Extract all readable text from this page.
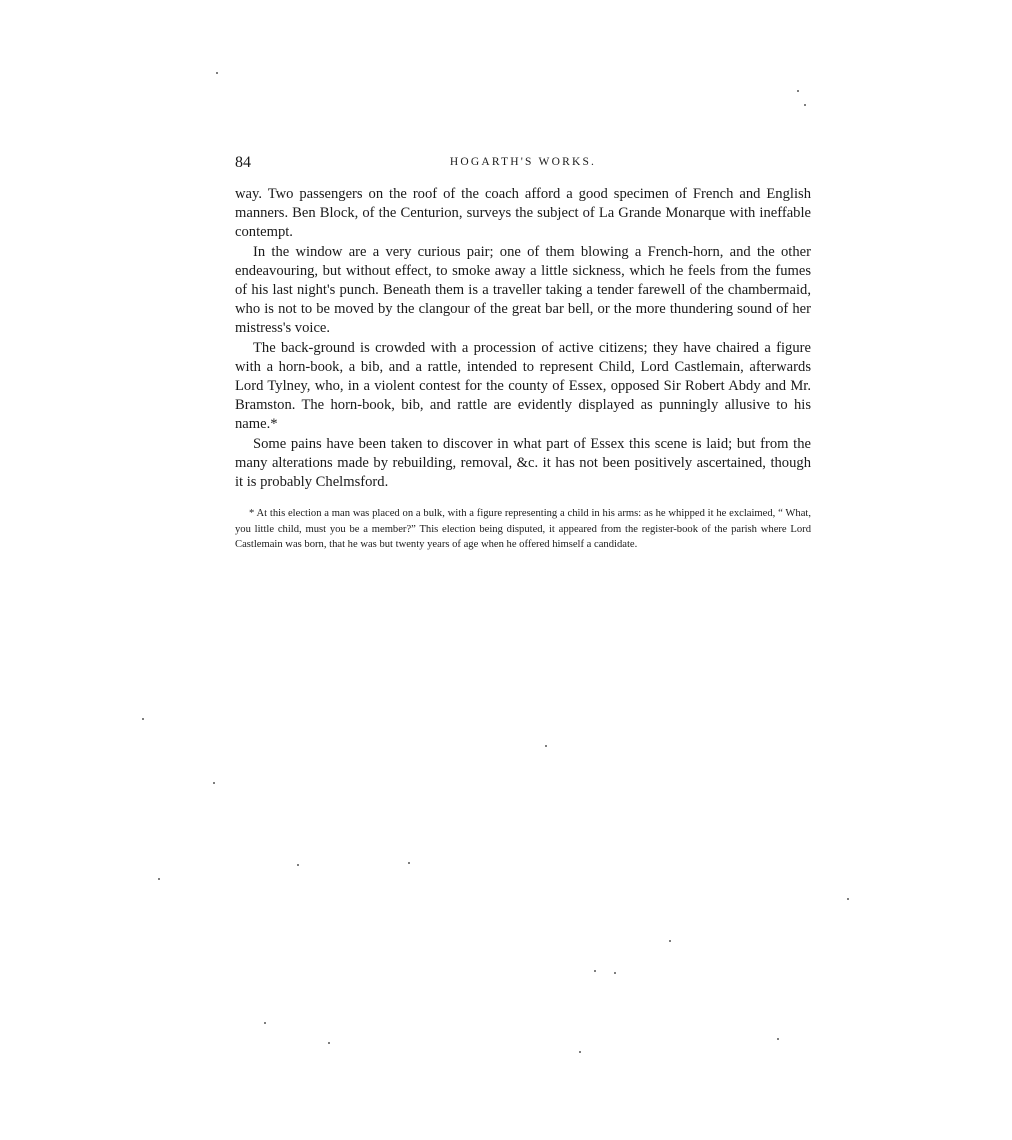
84	HOGARTH'S WORKS.

way. Two passengers on the roof of the coach afford a good specimen of French and English manners. Ben Block, of the Centurion, surveys the subject of La Grande Monarque with ineffable contempt.

In the window are a very curious pair; one of them blowing a French-horn, and the other endeavouring, but without effect, to smoke away a little sickness, which he feels from the fumes of his last night's punch. Beneath them is a traveller taking a tender farewell of the chambermaid, who is not to be moved by the clangour of the great bar bell, or the more thundering sound of her mistress's voice.

The back-ground is crowded with a procession of active citizens; they have chaired a figure with a horn-book, a bib, and a rattle, intended to represent Child, Lord Castlemain, afterwards Lord Tylney, who, in a violent contest for the county of Essex, opposed Sir Robert Abdy and Mr. Bramston. The horn-book, bib, and rattle are evidently displayed as punningly allusive to his name.*

Some pains have been taken to discover in what part of Essex this scene is laid; but from the many alterations made by rebuilding, removal, &c. it has not been positively ascertained, though it is probably Chelmsford.

* At this election a man was placed on a bulk, with a figure representing a child in his arms: as he whipped it he exclaimed, “ What, you little child, must you be a member?” This election being disputed, it appeared from the register-book of the parish where Lord Castlemain was born, that he was but twenty years of age when he offered himself a candidate.
